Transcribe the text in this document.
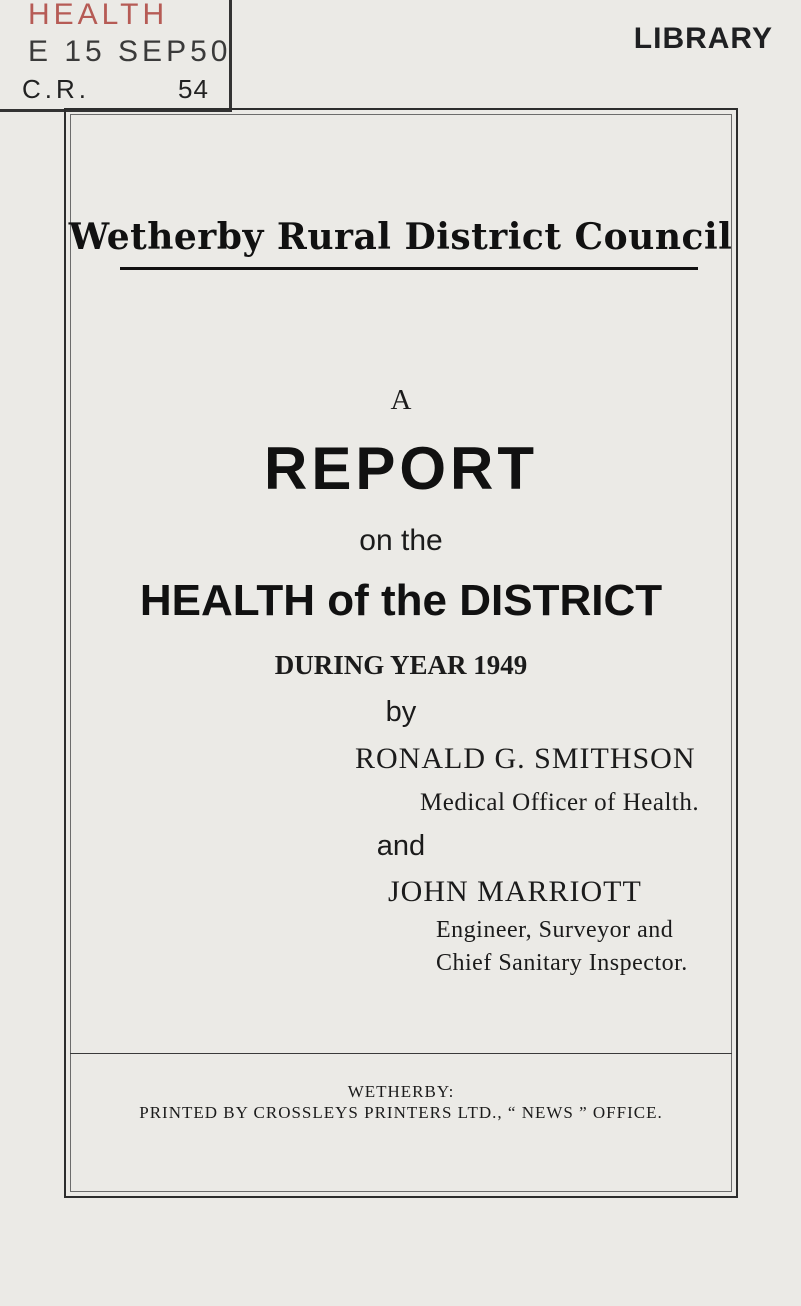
HEALTH
E 15 SEP50
C.R.	54
LIBRARY
Wetherby Rural District Council
A
REPORT
on the
HEALTH of the DISTRICT
DURING YEAR 1949
by
RONALD G. SMITHSON
Medical Officer of Health.
and
JOHN MARRIOTT
Engineer, Surveyor and
Chief Sanitary Inspector.
WETHERBY:
PRINTED BY CROSSLEYS PRINTERS LTD., “ NEWS ” OFFICE.
